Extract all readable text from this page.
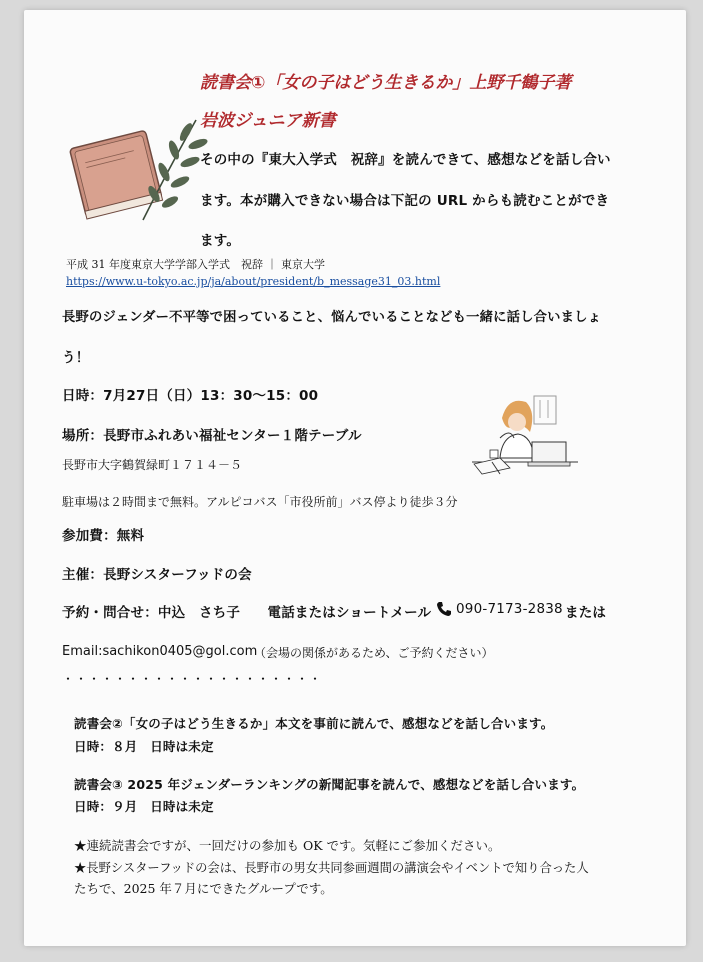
読書会①「女の子はどう生きるか」上野千鶴子著
岩波ジュニア新書
その中の『東大入学式　祝辞』を読んできて、感想などを話し合い
ます。本が購入できない場合は下記の URL からも読むことができ
ます。
平成 31 年度東京大学学部入学式　祝辞 ｜ 東京大学
https://www.u-tokyo.ac.jp/ja/about/president/b_message31_03.html
長野のジェンダー不平等で困っていること、悩んでいることなども一緒に話し合いましょ
う！
日時：7月27日（日）13：30～15：00
場所：長野市ふれあい福祉センター１階テーブル
長野市大字鶴賀緑町１７１４－５
駐車場は２時間まで無料。アルピコバス「市役所前」バス停より徒歩３分
参加費：無料
主催：長野シスターフッドの会
予約・問合せ：中込　さち子　　電話またはショートメール 090-7173-2838 または
Email:sachikon0405@gol.com
（会場の関係があるため、ご予約ください）
・・・・・・・・・・・・・・・・・・・・
読書会②「女の子はどう生きるか」本文を事前に読んで、感想などを話し合います。
日時：８月　日時は未定
読書会③ 2025 年ジェンダーランキングの新聞記事を読んで、感想などを話し合います。
日時：９月　日時は未定
★連続読書会ですが、一回だけの参加も OK です。気軽にご参加ください。
★長野シスターフッドの会は、長野市の男女共同参画週間の講演会やイベントで知り合った人
たちで、2025 年７月にできたグループです。
